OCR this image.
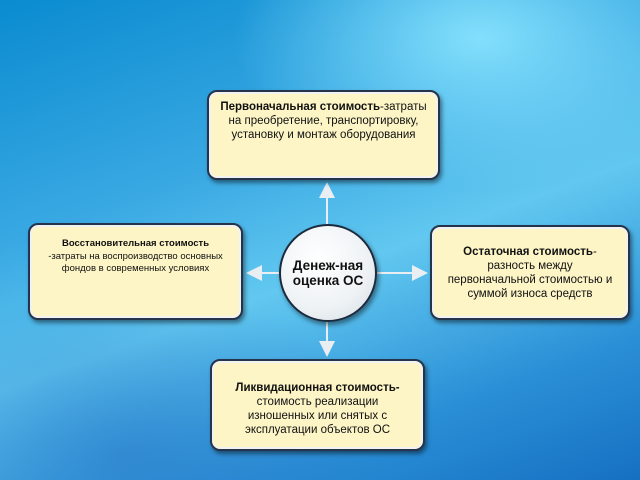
Первоначальная стоимость-затраты на преобретение, транспортировку, установку и монтаж оборудования
Восстановительная стоимость
-затраты на воспроизводство основных фондов в современных условиях	Денеж-ная оценка ОС
Остаточная стоимость-разность между первоначальной стоимостью и суммой износа средств
Ликвидационная стоимость- стоимость реализации изношенных или снятых с эксплуатации объектов ОС
